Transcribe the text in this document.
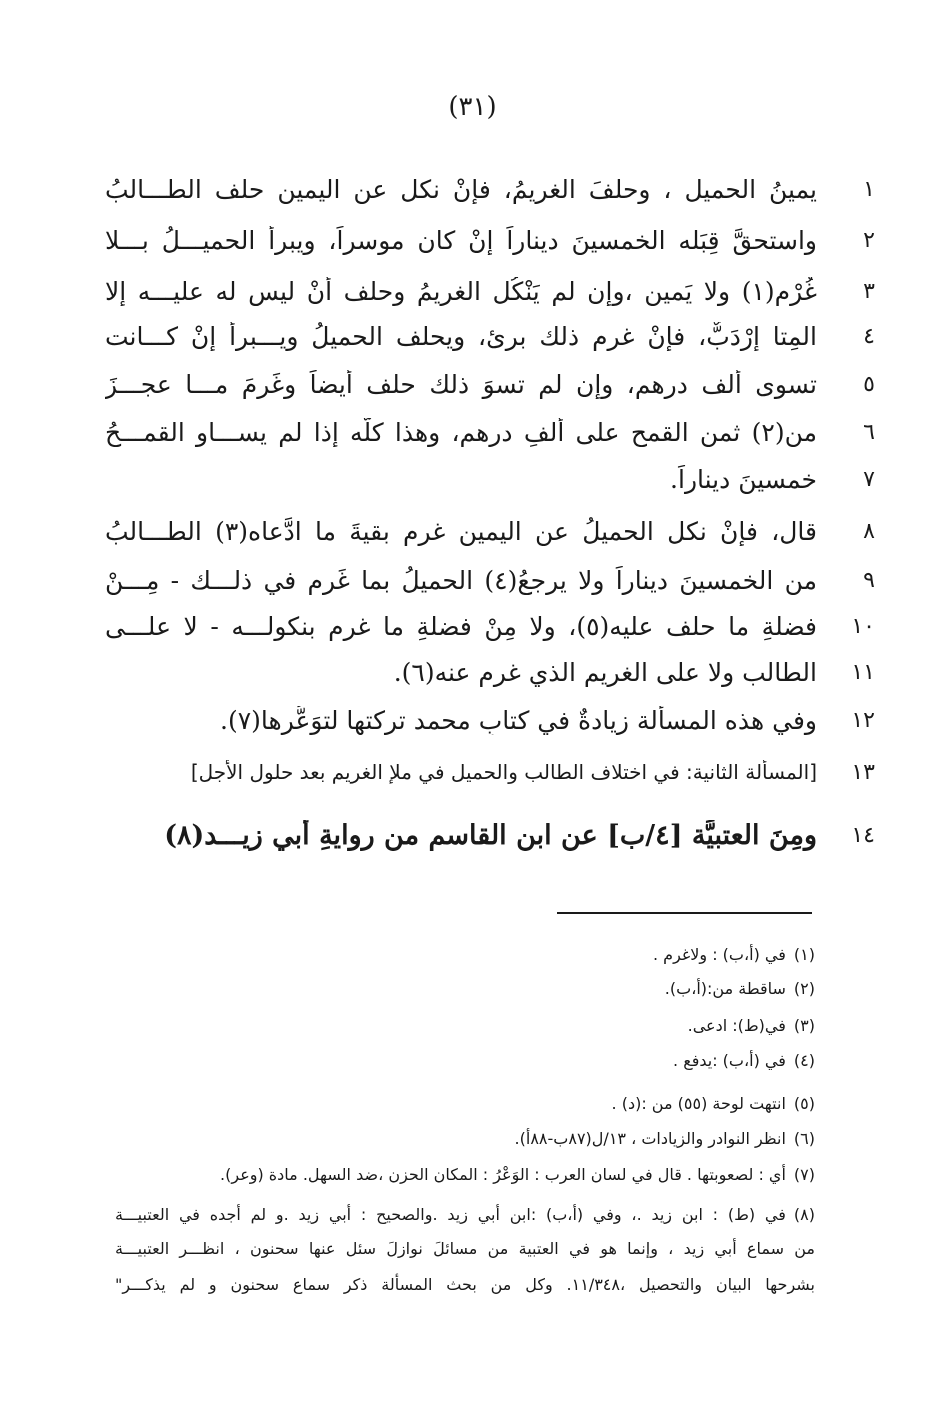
(٣١)
١
يمينُ الحميلِ ، وحلفَ الغريمُ، فإنْ نكل عن اليمينِ حلف الطـــالبُ
٢
واستحقَّ قِبَله الخمسينَ ديناراً إنْ كان موسراً، ويبرأ الحميـــلُ بـــلا
٣
غُرْمٍ(١) ولا يَمينٍ ،وإن لم يَنْكُلِ الغريمُ وحلف أنْ ليس له عليـــه إلا
٤
المِتا إرْدَبٌّ، فإنْ غرم ذلك برئ، ويحلف الحميلُ ويـــبرأ إنْ كـــانت
٥
تسوى ألف درهمٍ، وإن لم تسوَ ذلك حلف أيضاً وغَرِمَ مـــا عجـــزَ
٦
من(٢) ثمنِ القمحِ على ألفِ درهمٍ، وهذا كلُّه إذا لم يســـاوِ القمـــحُ
٧
خمسينَ ديناراً.
٨
قال، فإنْ نكل الحميلُ عن اليمينِ غرم بقيةَ ما ادَّعاه(٣) الطـــالبُ
٩
من الخمسينَ ديناراً ولا يرجعُ(٤) الحميلُ بما غَرم في ذلـــك - مِـــنْ
١٠
فضلةِ ما حلف عليه(٥)، ولا مِنْ فضلةِ ما غرم بنكولـــه - لا علـــى
١١
الطالب ولا على الغريم الذي غرم عنه(٦).
١٢
وفي هذه المسألة زيادةٌ في كتابِ محمد تركتها لتوَعُّرِها(٧).
١٣
[المسألة الثانية: في اختلاف الطالب والحميل في ملإ الغريم بعد حلول الأجل]
١٤
ومِنَ العتبيَّة [٤/ب] عن ابنِ القاسم من روايةِ أبي زيـــد(٨)
(١)في (أ،ب) : ولاغرم .
(٢)ساقطة من:(أ،ب).
(٣)في(ط): ادعى.
(٤)في (أ،ب) :يدفع .
(٥)انتهت لوحة (٥٥) من :(د) .
(٦)انظر النوادر والزيادات ، ١٣/ل(٨٧ب-٨٨أ).
(٧)أي : لصعوبتها . قال في لسان العرب : الوَعْرُ : المكان الحزن ،ضد السهل. مادة (وعر).
(٨)في (ط) : ابن زيد .، وفي (أ،ب) :ابن أبي زيد .والصحيح : أبي زيد .و لم أجده في العتبيـــة
من سماع أبي زيد ، وإنما هو في العتبية من مسائلَ نوازلَ سئل عنها سحنون ، انظـــر العتبيـــة
بشرحها البيان والتحصيل ،١١/٣٤٨. وكل من بحث المسألة ذكر سماع سحنون و لم يذكـــر"
